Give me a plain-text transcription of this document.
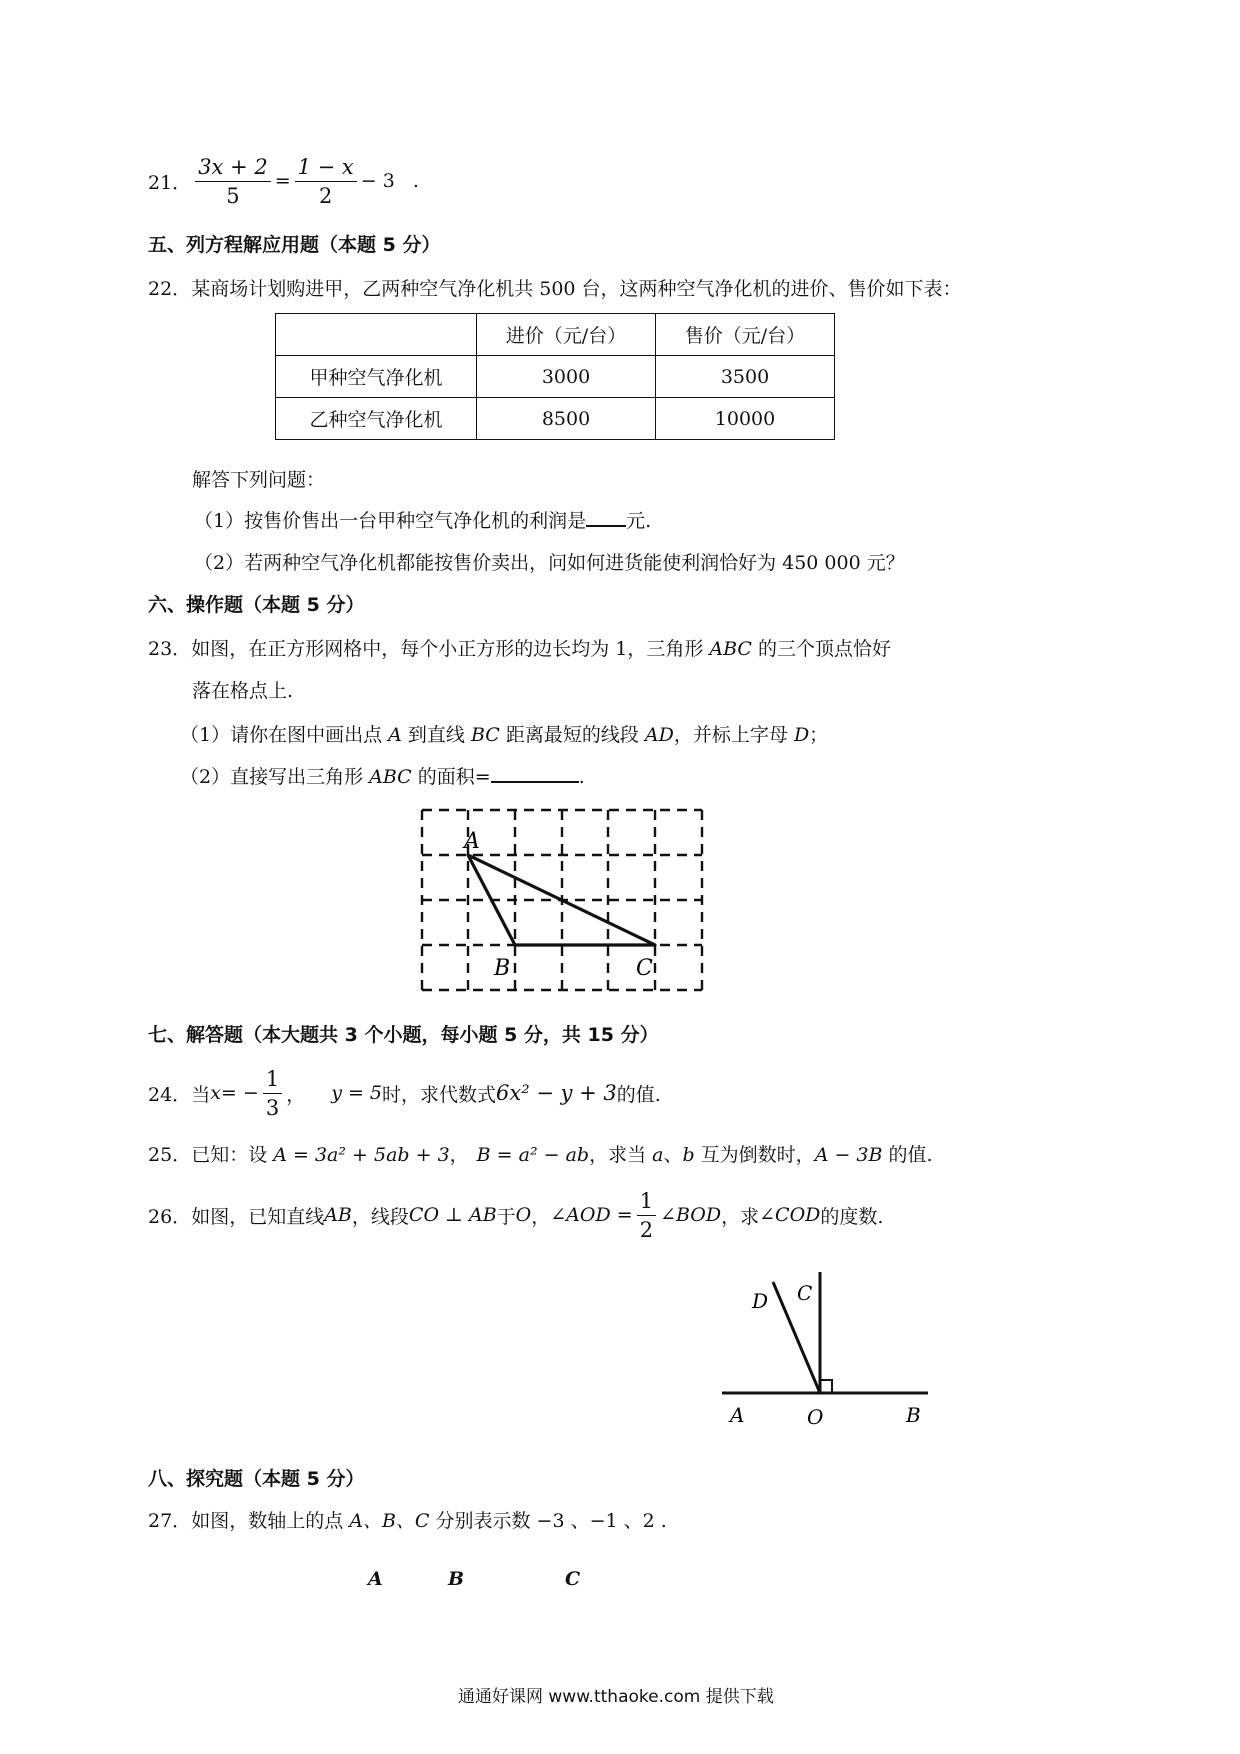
21． $\frac{3x + 2}{5} = \frac{1 - x}{2} - 3$ .
五、列方程解应用题（本题 5 分）
22．某商场计划购进甲，乙两种空气净化机共 500 台，这两种空气净化机的进价、售价如下表：
	进价（元/台）	售价（元/台）
甲种空气净化机	3000	3500
乙种空气净化机	8500	10000
解答下列问题：
（1）按售价售出一台甲种空气净化机的利润是 元.
（2）若两种空气净化机都能按售价卖出，问如何进货能使利润恰好为 450 000 元？
六、操作题（本题 5 分）
23．如图，在正方形网格中，每个小正方形的边长均为 1，三角形 ABC 的三个顶点恰好
落在格点上.
（1）请你在图中画出点 A 到直线 BC 距离最短的线段 AD，并标上字母 D；
（2）直接写出三角形 ABC 的面积=	.
A
B	C
七、解答题（本大题共 3 个小题，每小题 5 分，共 15 分）
24． 当 x = − $\frac{1}{3}$ ， y = 5 时，求代数式 6x² − y + 3 的值.
25．已知：设 A = 3a² + 5ab + 3， B = a² − ab，求当 a、b 互为倒数时，A − 3B 的值.
26． 如图，已知直线 AB ，线段 CO ⊥ AB 于 O ， ∠AOD = $\frac{1}{2}$ ∠BOD ，求 ∠COD 的度数.
D C
A	O	B
八、探究题（本题 5 分）
27．如图，数轴上的点 A、B、C 分别表示数 −3 、−1 、2 .
A	B	C
通通好课网 www.tthaoke.com 提供下载
